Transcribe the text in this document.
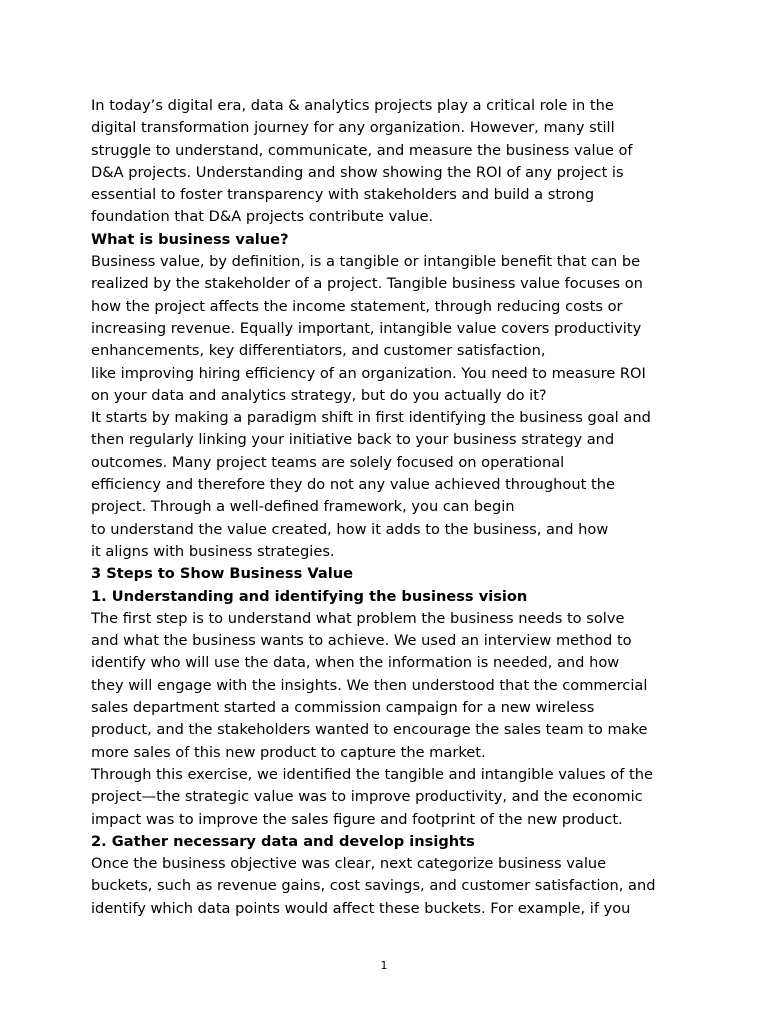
In today’s digital era, data & analytics projects play a critical role in the
digital transformation journey for any organization. However, many still
struggle to understand, communicate, and measure the business value of
D&A projects. Understanding and show showing the ROI of any project is
essential to foster transparency with stakeholders and build a strong
foundation that D&A projects contribute value.
What is business value?
Business value, by definition, is a tangible or intangible benefit that can be
realized by the stakeholder of a project. Tangible business value focuses on
how the project affects the income statement, through reducing costs or
increasing revenue. Equally important, intangible value covers productivity
enhancements, key differentiators, and customer satisfaction,
like improving hiring efficiency of an organization. You need to measure ROI
on your data and analytics strategy, but do you actually do it?
It starts by making a paradigm shift in first identifying the business goal and
then regularly linking your initiative back to your business strategy and
outcomes. Many project teams are solely focused on operational
efficiency and therefore they do not any value achieved throughout the
project. Through a well-defined framework, you can begin
to understand the value created, how it adds to the business, and how
it aligns with business strategies.
3 Steps to Show Business Value
1. Understanding and identifying the business vision
The first step is to understand what problem the business needs to solve
and what the business wants to achieve. We used an interview method to
identify who will use the data, when the information is needed, and how
they will engage with the insights. We then understood that the commercial
sales department started a commission campaign for a new wireless
product, and the stakeholders wanted to encourage the sales team to make
more sales of this new product to capture the market.
Through this exercise, we identified the tangible and intangible values of the
project—the strategic value was to improve productivity, and the economic
impact was to improve the sales figure and footprint of the new product.
2. Gather necessary data and develop insights
Once the business objective was clear, next categorize business value
buckets, such as revenue gains, cost savings, and customer satisfaction, and
identify which data points would affect these buckets. For example, if you
1
